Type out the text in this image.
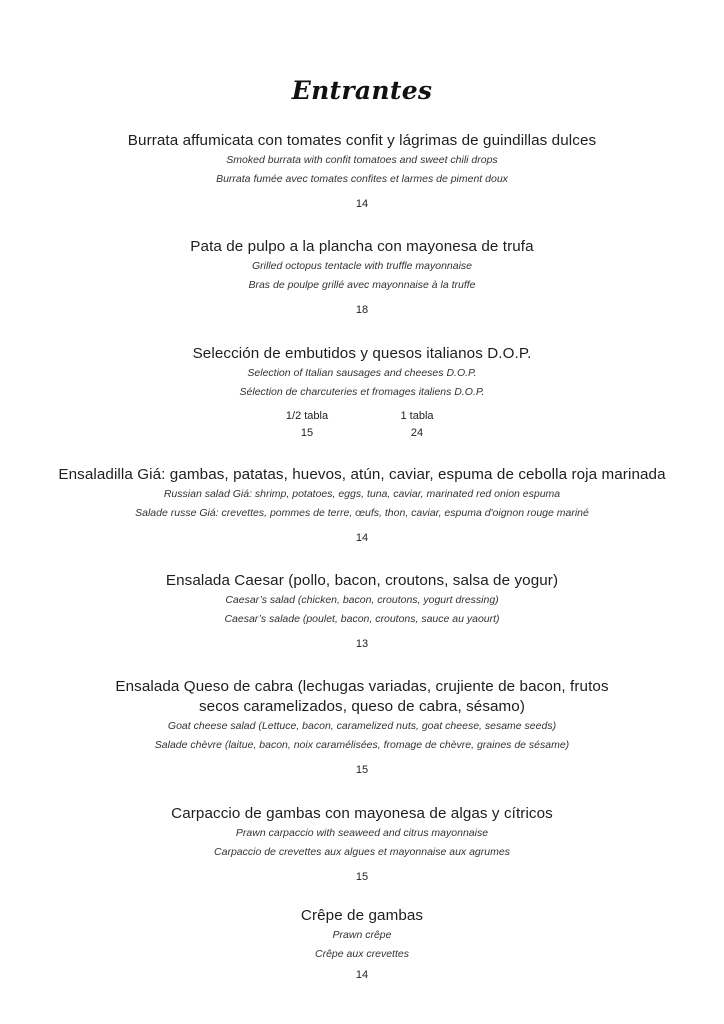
Entrantes
Burrata affumicata con tomates confit y lágrimas de guindillas dulces
Smoked burrata with confit tomatoes and sweet chili drops
Burrata fumée avec tomates confites et larmes de piment doux
14
Pata de pulpo a la plancha con mayonesa de trufa
Grilled octopus tentacle with truffle mayonnaise
Bras de poulpe grillé avec mayonnaise à la truffe
18
Selección de embutidos y quesos italianos D.O.P.
Selection of Italian sausages and cheeses D.O.P.
Sélection de charcuteries et fromages italiens D.O.P.
1/2 tabla
15
1 tabla
24
Ensaladilla Giá: gambas, patatas, huevos, atún, caviar, espuma de cebolla roja marinada
Russian salad Giá: shrimp, potatoes, eggs, tuna, caviar, marinated red onion espuma
Salade russe Giá: crevettes, pommes de terre, œufs, thon, caviar, espuma d'oignon rouge mariné
14
Ensalada Caesar (pollo, bacon, croutons, salsa de yogur)
Caesar’s salad (chicken, bacon, croutons, yogurt dressing)
Caesar’s salade (poulet, bacon, croutons, sauce au yaourt)
13
Ensalada Queso de cabra (lechugas variadas, crujiente de bacon, frutos secos caramelizados, queso de cabra, sésamo)
Goat cheese salad (Lettuce, bacon, caramelized nuts, goat cheese, sesame seeds)
Salade chèvre (laitue, bacon, noix caramélisées, fromage de chèvre, graines de sésame)
15
Carpaccio de gambas con mayonesa de algas y cítricos
Prawn carpaccio with seaweed and citrus mayonnaise
Carpaccio de crevettes aux algues et mayonnaise aux agrumes
15
Crêpe de gambas
Prawn crêpe
Crêpe aux crevettes
14
